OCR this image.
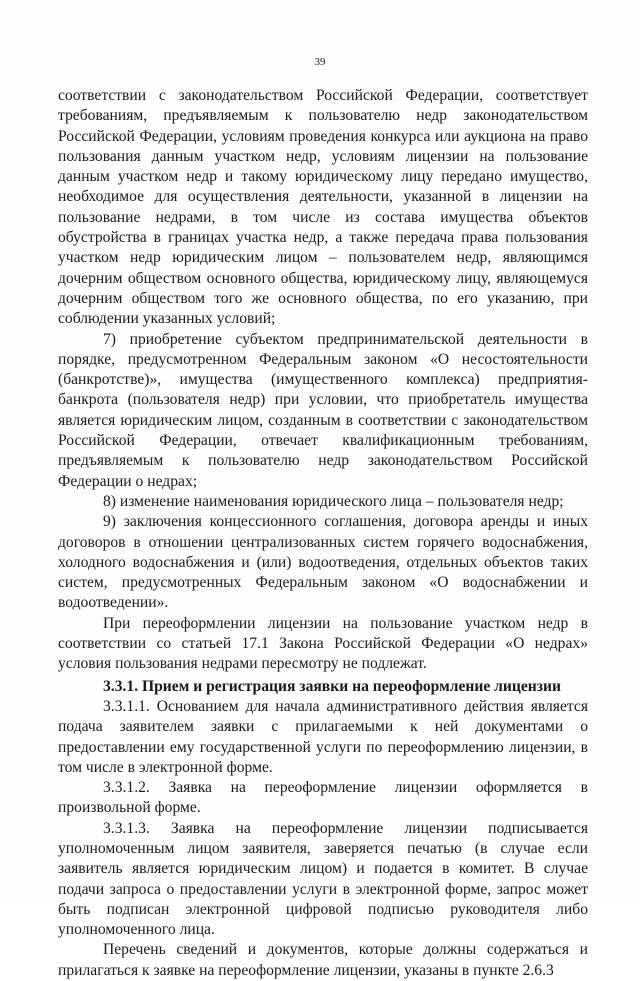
39

соответствии с законодательством Российской Федерации, соответствует требованиям, предъявляемым к пользователю недр законодательством Российской Федерации, условиям проведения конкурса или аукциона на право пользования данным участком недр, условиям лицензии на пользование данным участком недр и такому юридическому лицу передано имущество, необходимое для осуществления деятельности, указанной в лицензии на пользование недрами, в том числе из состава имущества объектов обустройства в границах участка недр, а также передача права пользования участком недр юридическим лицом – пользователем недр, являющимся дочерним обществом основного общества, юридическому лицу, являющемуся дочерним обществом того же основного общества, по его указанию, при соблюдении указанных условий;

7) приобретение субъектом предпринимательской деятельности в порядке, предусмотренном Федеральным законом «О несостоятельности (банкротстве)», имущества (имущественного комплекса) предприятия-банкрота (пользователя недр) при условии, что приобретатель имущества является юридическим лицом, созданным в соответствии с законодательством Российской Федерации, отвечает квалификационным требованиям, предъявляемым к пользователю недр законодательством Российской Федерации о недрах;

8) изменение наименования юридического лица – пользователя недр;

9) заключения концессионного соглашения, договора аренды и иных договоров в отношении централизованных систем горячего водоснабжения, холодного водоснабжения и (или) водоотведения, отдельных объектов таких систем, предусмотренных Федеральным законом «О водоснабжении и водоотведении».

При переоформлении лицензии на пользование участком недр в соответствии со статьей 17.1 Закона Российской Федерации «О недрах» условия пользования недрами пересмотру не подлежат.

3.3.1. Прием и регистрация заявки на переоформление лицензии

3.3.1.1. Основанием для начала административного действия является подача заявителем заявки с прилагаемыми к ней документами о предоставлении ему государственной услуги по переоформлению лицензии, в том числе в электронной форме.

3.3.1.2. Заявка на переоформление лицензии оформляется в произвольной форме.

3.3.1.3. Заявка на переоформление лицензии подписывается уполномоченным лицом заявителя, заверяется печатью (в случае если заявитель является юридическим лицом) и подается в комитет. В случае подачи запроса о предоставлении услуги в электронной форме, запрос может быть подписан электронной цифровой подписью руководителя либо уполномоченного лица.

Перечень сведений и документов, которые должны содержаться и прилагаться к заявке на переоформление лицензии, указаны в пункте 2.6.3
